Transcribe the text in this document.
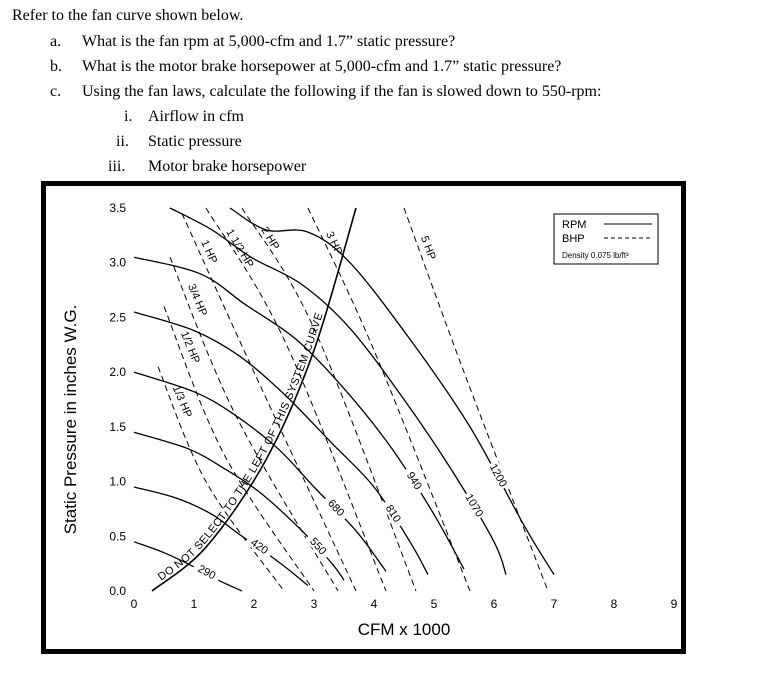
Refer to the fan curve shown below.
a. What is the fan rpm at 5,000-cfm and 1.7” static pressure?
b. What is the motor brake horsepower at 5,000-cfm and 1.7” static pressure?
c. Using the fan laws, calculate the following if the fan is slowed down to 550-rpm:
i. Airflow in cfm
ii. Static pressure
iii. Motor brake horsepower
0	1	2	3	4	5	6	7	8	9
0.0
0.5
1.0
1.5
2.0
2.5
3.0
3.5
CFM x 1000
Static Pressure in inches W.G.
DO NOT SELECT TO THE LEFT OF THIS SYSTEM CURVE
1/3 HP
1/2 HP
3/4 HP
1 HP 1 1/2 HP 2 HP	3 HP	5 HP
290
420	550
680	810
940
1070
1200
RPM
BHP
Density 0.075 lb/ft³
